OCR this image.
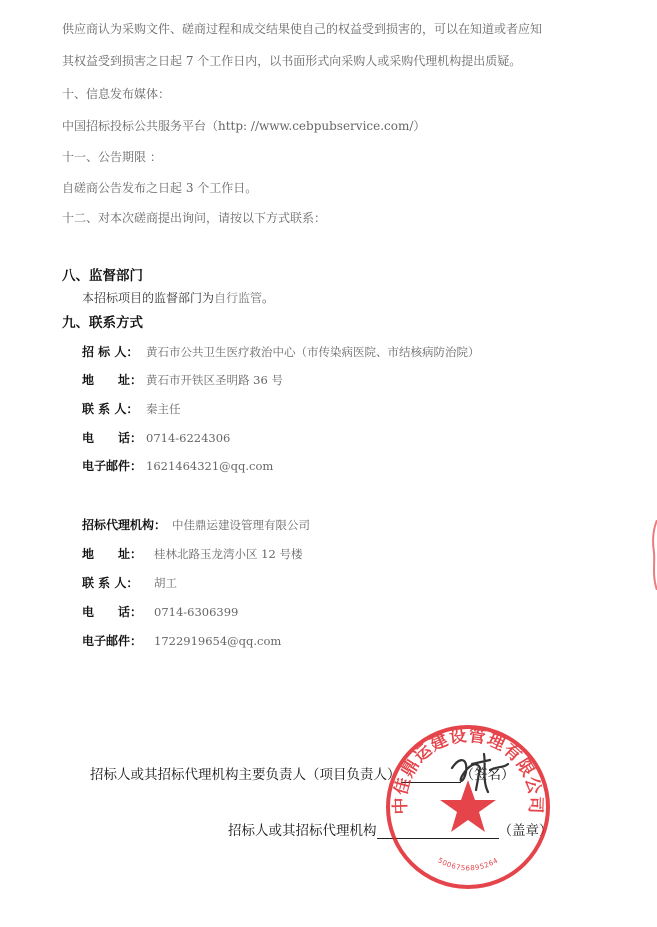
供应商认为采购文件、磋商过程和成交结果使自己的权益受到损害的，可以在知道或者应知
其权益受到损害之日起 7 个工作日内，以书面形式向采购人或采购代理机构提出质疑。
十、信息发布媒体：
中国招标投标公共服务平台（http: //www.cebpubservice.com/）
十一、公告期限 ：
自磋商公告发布之日起 3 个工作日。
十二、对本次磋商提出询问，请按以下方式联系：
八、监督部门
本招标项目的监督部门为自行监管。
九、联系方式
招 标 人： 黄石市公共卫生医疗救治中心（市传染病医院、市结核病防治院）
地　　址： 黄石市开铁区圣明路 36 号
联 系 人： 秦主任
电　　话： 0714-6224306
电子邮件： 1621464321@qq.com
招标代理机构： 中佳鼎运建设管理有限公司
地　　址： 桂林北路玉龙湾小区 12 号楼
联 系 人： 胡工
电　　话： 0714-6306399
电子邮件： 1722919654@qq.com
招标人或其招标代理机构主要负责人（项目负责人）	（签名）
招标人或其招标代理机构	（盖章）
中佳鼎运建设管理有限公司
5006756895264
